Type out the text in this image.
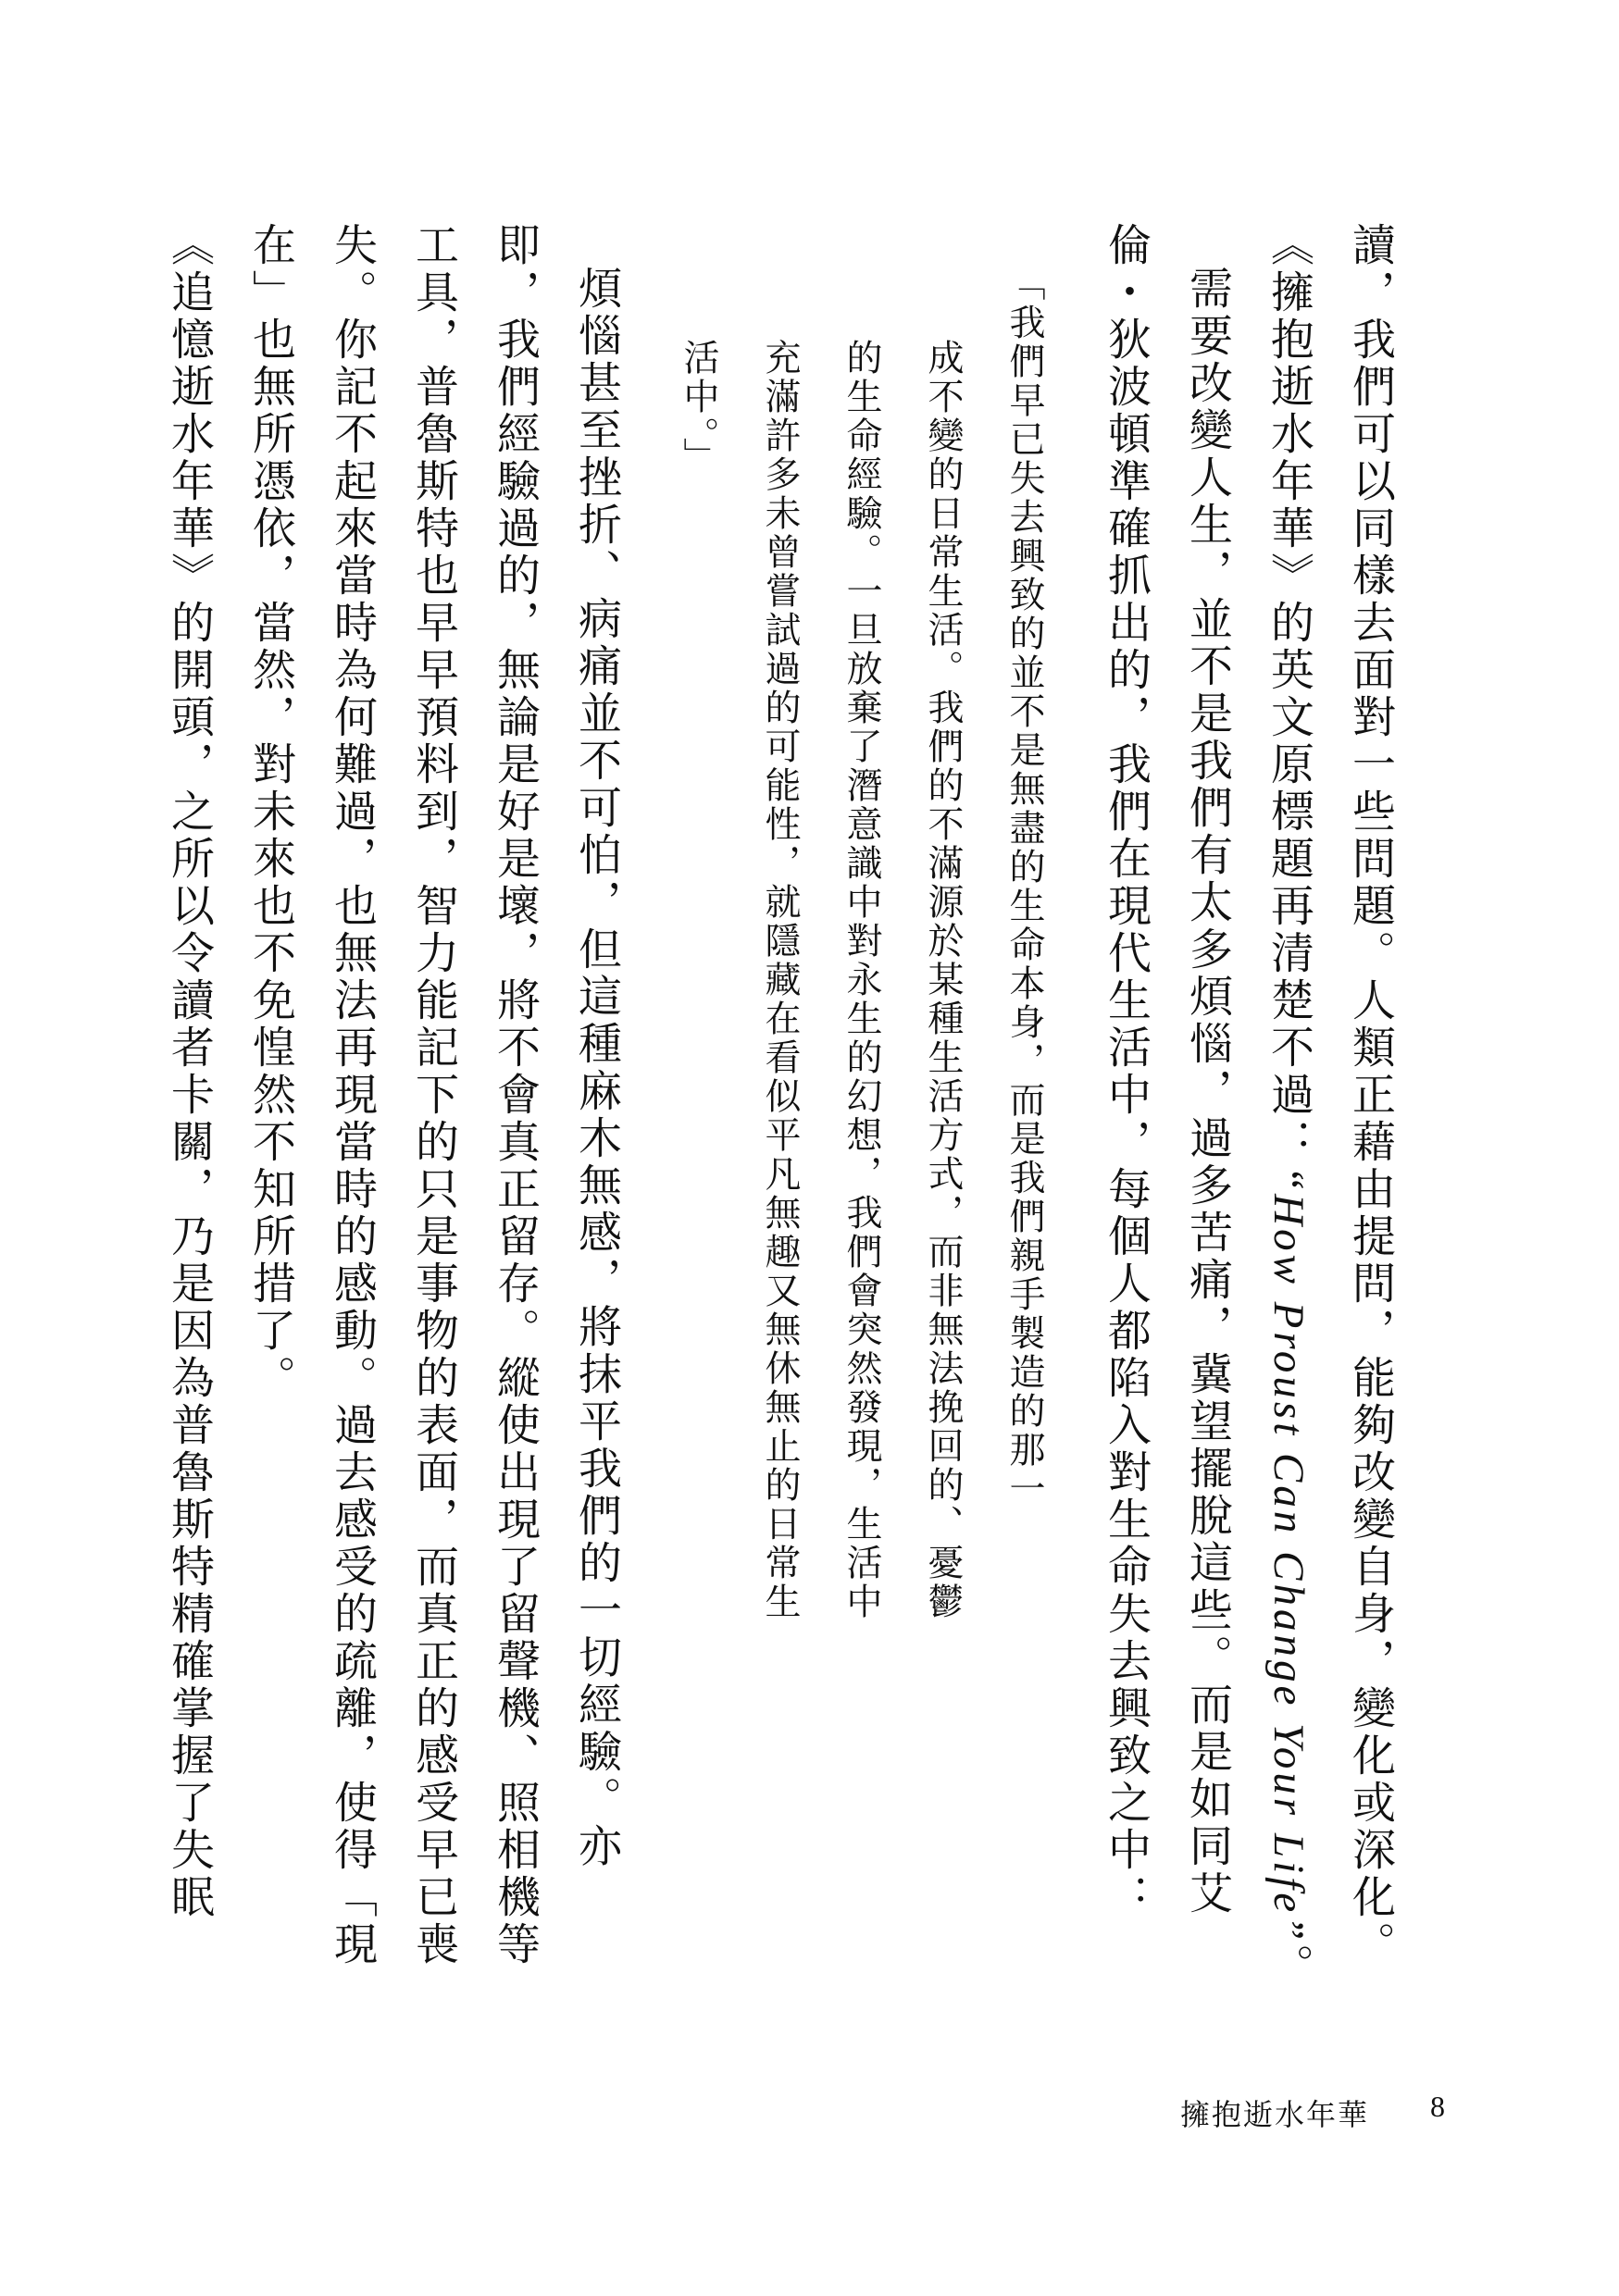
讀，我們可以同樣去面對一些問題。人類正藉由提問，能夠改變自身，變化或深化。
《擁抱逝水年華》的英文原標題再清楚不過：“How Proust Can Change Your Life”。
需要改變人生，並不是我們有太多煩惱，過多苦痛，冀望擺脫這些。而是如同艾
倫・狄波頓準確抓出的，我們在現代生活中，每個人都陷入對生命失去興致之中：
「我們早已失去興致的並不是無盡的生命本身，而是我們親手製造的那一
成不變的日常生活。我們的不滿源於某種生活方式，而非無法挽回的、憂鬱
的生命經驗。一旦放棄了潛意識中對永生的幻想，我們會突然發現，生活中
充滿許多未曾嘗試過的可能性，就隱藏在看似平凡無趣又無休無止的日常生
活中。」
煩惱甚至挫折、病痛並不可怕，但這種麻木無感，將抹平我們的一切經驗。亦
即，我們經驗過的，無論是好是壞，將不會真正留存。縱使出現了留聲機、照相機等
工具，普魯斯特也早早預料到，智力能記下的只是事物的表面，而真正的感受早已喪
失。你記不起來當時為何難過，也無法再現當時的感動。過去感受的疏離，使得「現
在」也無所憑依，當然，對未來也不免惶然不知所措了。
《追憶逝水年華》的開頭，之所以令讀者卡關，乃是因為普魯斯特精確掌握了失眠
擁抱逝水年華 8
